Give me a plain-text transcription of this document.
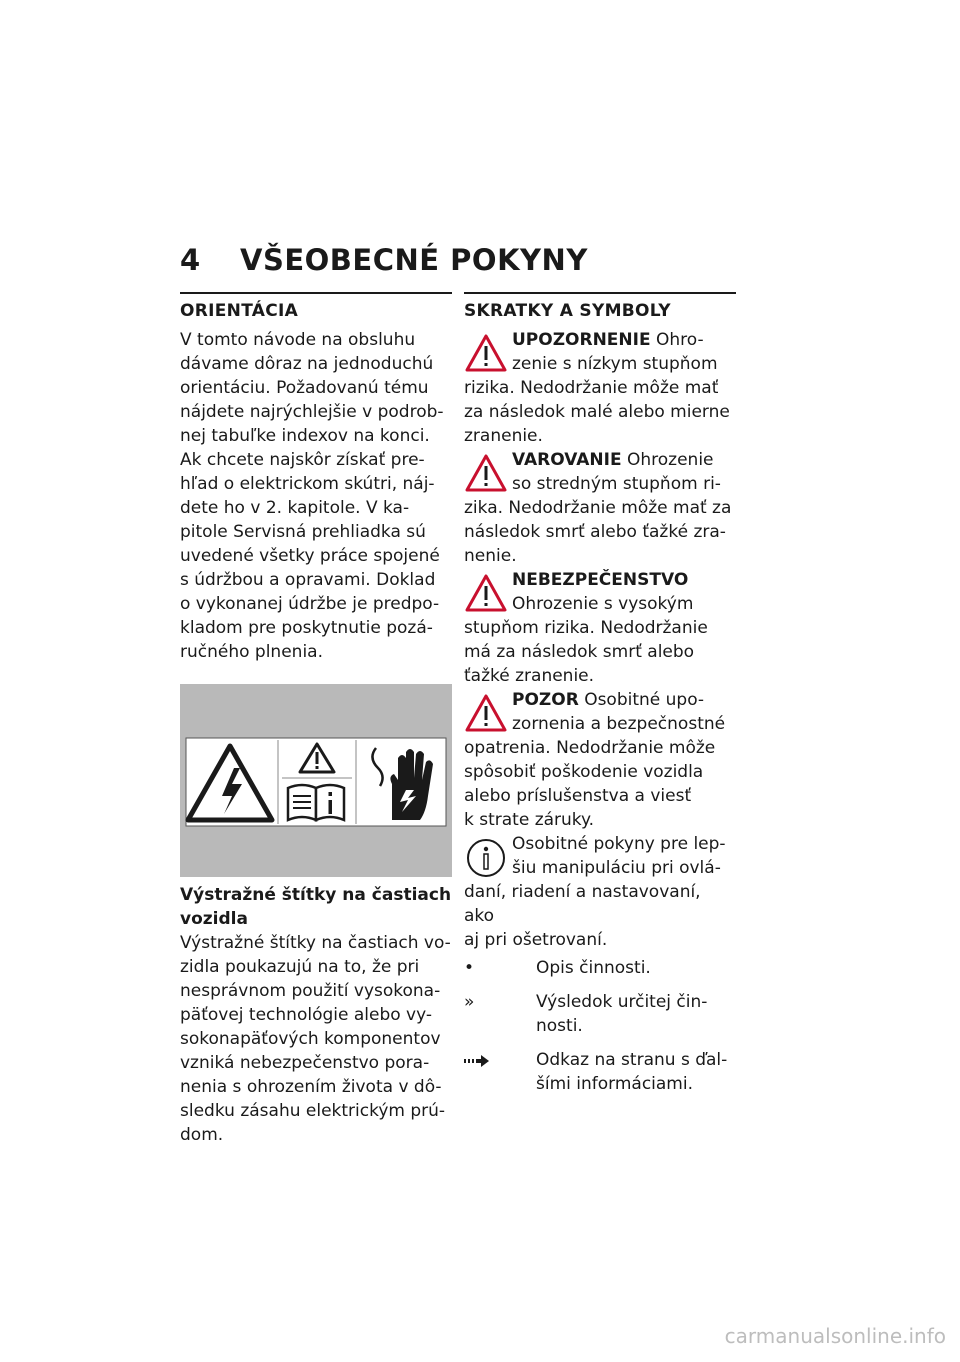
4 VŠEOBECNÉ POKYNY
ORIENTÁCIA

V tomto návode na obsluhu
dávame dôraz na jednoduchú
orientáciu. Požadovanú tému
nájdete najrýchlejšie v podrob-
nej tabuľke indexov na konci.
Ak chcete najskôr získať pre-
hľad o elektrickom skútri, náj-
dete ho v 2. kapitole. V ka-
pitole Servisná prehliadka sú
uvedené všetky práce spojené
s údržbou a opravami. Doklad
o vykonanej údržbe je predpo-
kladom pre poskytnutie pozá-
ručného plnenia.

Výstražné štítky na častiach
vozidla

Výstražné štítky na častiach vo-
zidla poukazujú na to, že pri
nesprávnom použití vysokona-
päťovej technológie alebo vy-
sokonapäťových komponentov
vzniká nebezpečenstvo pora-
nenia s ohrozením života v dô-
sledku zásahu elektrickým prú-
dom.

SKRATKY A SYMBOLY
UPOZORNENIE Ohro-
zenie s nízkym stupňom
rizika. Nedodržanie môže mať
za následok malé alebo mierne
zranenie.
VAROVANIE Ohrozenie
so stredným stupňom ri-
zika. Nedodržanie môže mať za
následok smrť alebo ťažké zra-
nenie.
NEBEZPEČENSTVO
Ohrozenie s vysokým
stupňom rizika. Nedodržanie
má za následok smrť alebo
ťažké zranenie.
POZOR Osobitné upo-
zornenia a bezpečnostné
opatrenia. Nedodržanie môže
spôsobiť poškodenie vozidla
alebo príslušenstva a viesť
k strate záruky.
Osobitné pokyny pre lep-
šiu manipuláciu pri ovlá-
daní, riadení a nastavovaní, ako
aj pri ošetrovaní.
•	Opis činnosti.
»	Výsledok určitej čin-
nosti.
Odkaz na stranu s ďal-
šími informáciami.
carmanualsonline.info
